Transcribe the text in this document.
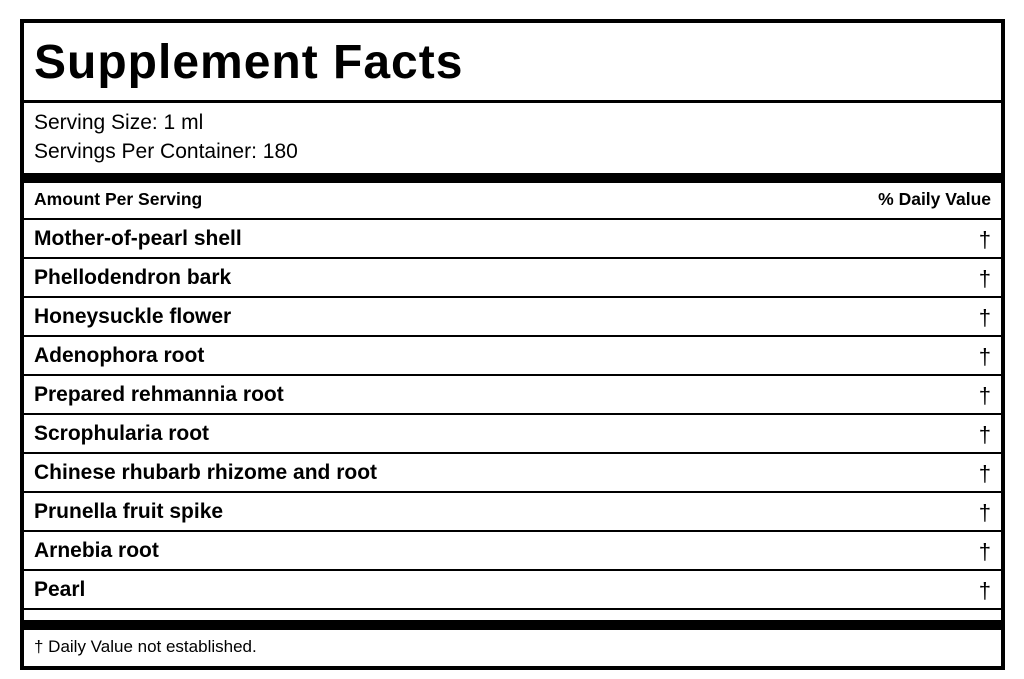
Supplement Facts
Serving Size: 1 ml
Servings Per Container: 180
Amount Per Serving	% Daily Value
Mother-of-pearl shell	†
Phellodendron bark	†
Honeysuckle flower	†
Adenophora root	†
Prepared rehmannia root	†
Scrophularia root	†
Chinese rhubarb rhizome and root	†
Prunella fruit spike	†
Arnebia root	†
Pearl	†
† Daily Value not established.
